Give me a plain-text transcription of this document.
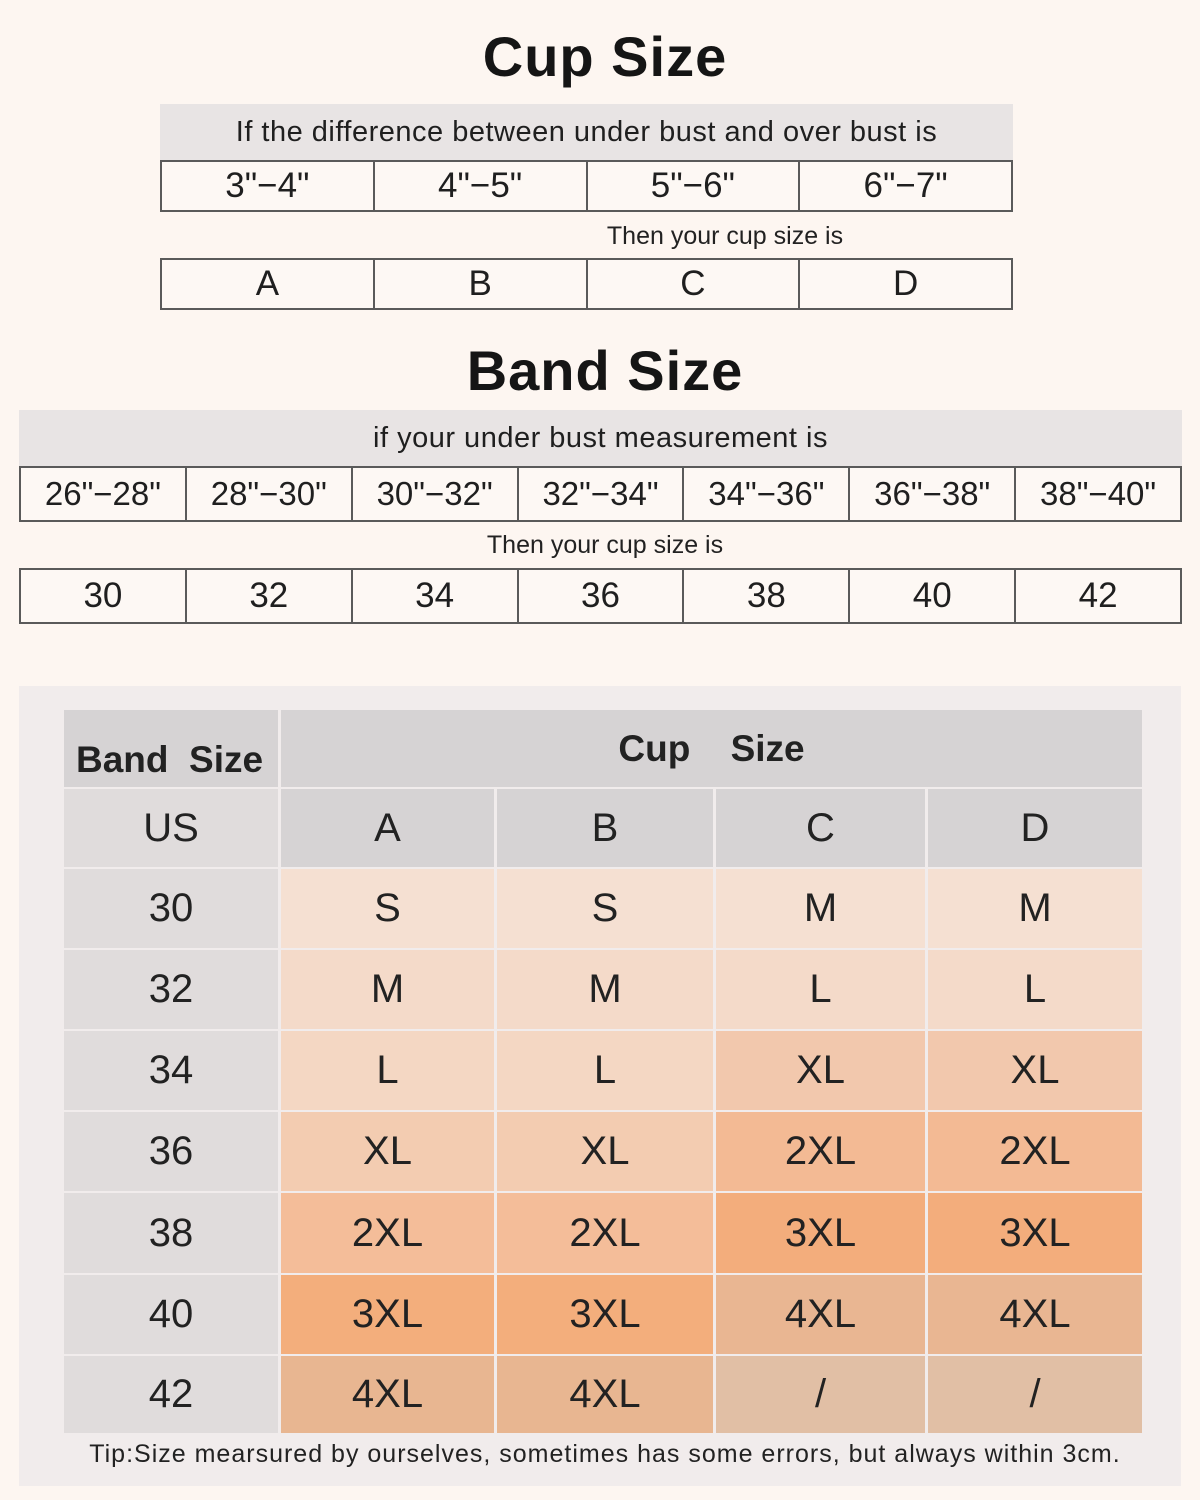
Cup Size
If the difference between under bust and over bust is
3"−4"	4"−5"	5"−6"	6"−7"
Then your cup size is
A	B	C	D
Band Size
if your under bust measurement is
26"−28"	28"−30"	30"−32"	32"−34"	34"−36"	36"−38"	38"−40"
Then your cup size is
30	32	34	36	38	40	42
Band  Size	Cup Size
US	A	B	C	D
30	S	S	M	M
32	M	M	L	L
34	L	L	XL	XL
36	XL	XL	2XL	2XL
38	2XL	2XL	3XL	3XL
40	3XL	3XL	4XL	4XL
42	4XL	4XL	/	/
Tip:Size mearsured by ourselves, sometimes has some errors, but always within 3cm.
